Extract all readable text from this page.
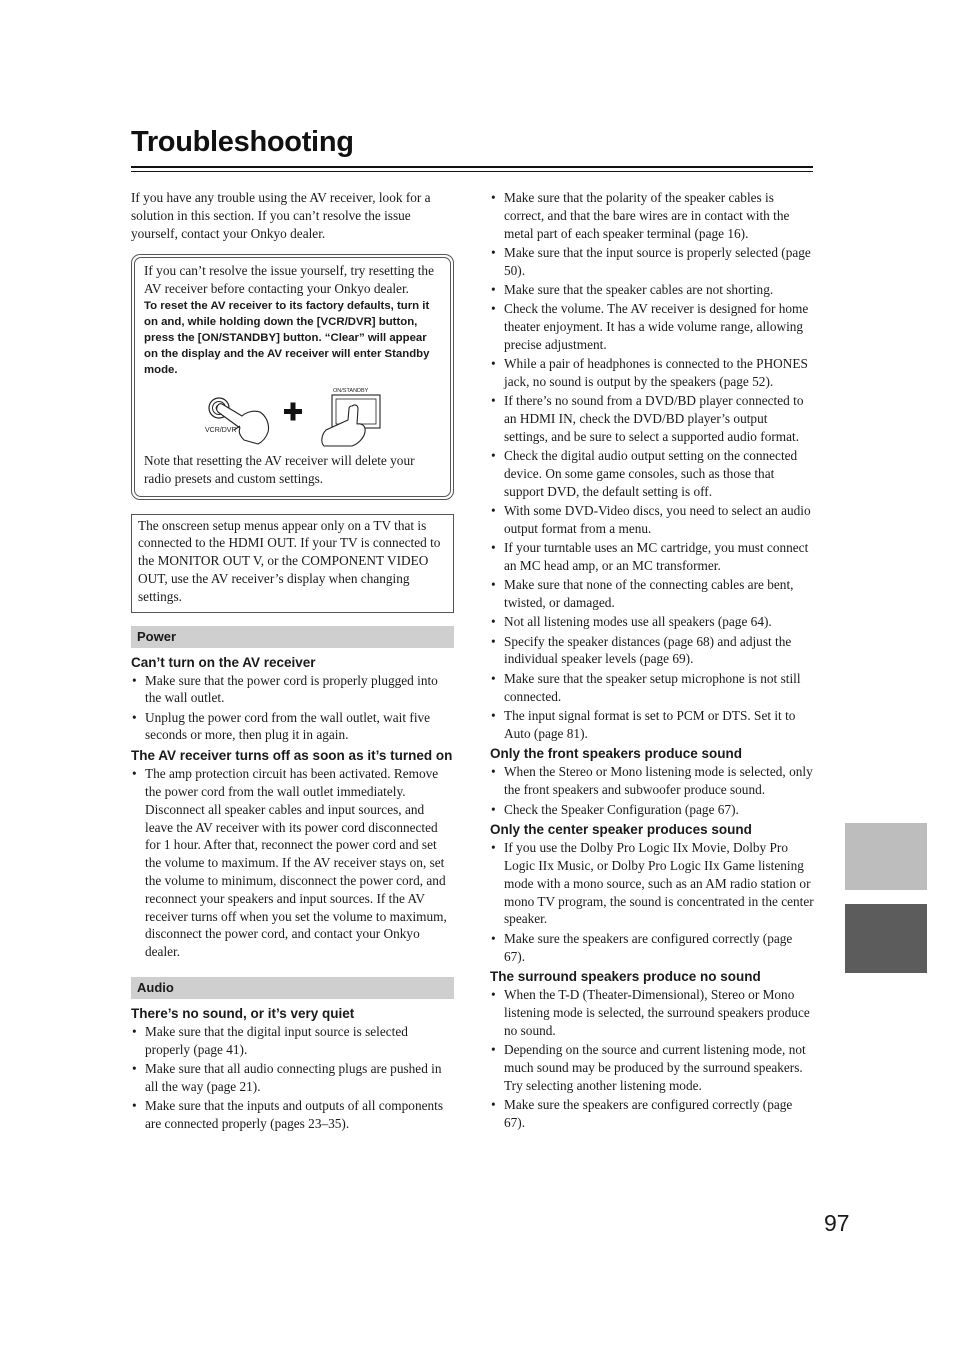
Troubleshooting

If you have any trouble using the AV receiver, look for a solution in this section. If you can’t resolve the issue yourself, contact your Onkyo dealer.

If you can’t resolve the issue yourself, try resetting the AV receiver before contacting your Onkyo dealer.

To reset the AV receiver to its factory defaults, turn it on and, while holding down the [VCR/DVR] button, press the [ON/STANDBY] button. “Clear” will appear on the display and the AV receiver will enter Standby mode.

VCR/DVR
ON/STANDBY

Note that resetting the AV receiver will delete your radio presets and custom settings.

The onscreen setup menus appear only on a TV that is connected to the HDMI OUT. If your TV is connected to the MONITOR OUT V, or the COMPONENT VIDEO OUT, use the AV receiver’s display when changing settings.

Power
Can’t turn on the AV receiver
• Make sure that the power cord is properly plugged into the wall outlet.
• Unplug the power cord from the wall outlet, wait five seconds or more, then plug it in again.
The AV receiver turns off as soon as it’s turned on
• The amp protection circuit has been activated. Remove the power cord from the wall outlet immediately. Disconnect all speaker cables and input sources, and leave the AV receiver with its power cord disconnected for 1 hour. After that, reconnect the power cord and set the volume to maximum. If the AV receiver stays on, set the volume to minimum, disconnect the power cord, and reconnect your speakers and input sources. If the AV receiver turns off when you set the volume to maximum, disconnect the power cord, and contact your Onkyo dealer.
Audio
There’s no sound, or it’s very quiet
• Make sure that the digital input source is selected properly (page 41).
• Make sure that all audio connecting plugs are pushed in all the way (page 21).
• Make sure that the inputs and outputs of all components are connected properly (pages 23–35).
• Make sure that the polarity of the speaker cables is correct, and that the bare wires are in contact with the metal part of each speaker terminal (page 16).
• Make sure that the input source is properly selected (page 50).
• Make sure that the speaker cables are not shorting.
• Check the volume. The AV receiver is designed for home theater enjoyment. It has a wide volume range, allowing precise adjustment.
• While a pair of headphones is connected to the PHONES jack, no sound is output by the speakers (page 52).
• If there’s no sound from a DVD/BD player connected to an HDMI IN, check the DVD/BD player’s output settings, and be sure to select a supported audio format.
• Check the digital audio output setting on the connected device. On some game consoles, such as those that support DVD, the default setting is off.
• With some DVD-Video discs, you need to select an audio output format from a menu.
• If your turntable uses an MC cartridge, you must connect an MC head amp, or an MC transformer.
• Make sure that none of the connecting cables are bent, twisted, or damaged.
• Not all listening modes use all speakers (page 64).
• Specify the speaker distances (page 68) and adjust the individual speaker levels (page 69).
• Make sure that the speaker setup microphone is not still connected.
• The input signal format is set to PCM or DTS. Set it to Auto (page 81).
Only the front speakers produce sound
• When the Stereo or Mono listening mode is selected, only the front speakers and subwoofer produce sound.
• Check the Speaker Configuration (page 67).
Only the center speaker produces sound
• If you use the Dolby Pro Logic IIx Movie, Dolby Pro Logic IIx Music, or Dolby Pro Logic IIx Game listening mode with a mono source, such as an AM radio station or mono TV program, the sound is concentrated in the center speaker.
• Make sure the speakers are configured correctly (page 67).
The surround speakers produce no sound
• When the T-D (Theater-Dimensional), Stereo or Mono listening mode is selected, the surround speakers produce no sound.
• Depending on the source and current listening mode, not much sound may be produced by the surround speakers. Try selecting another listening mode.
• Make sure the speakers are configured correctly (page 67).
97
